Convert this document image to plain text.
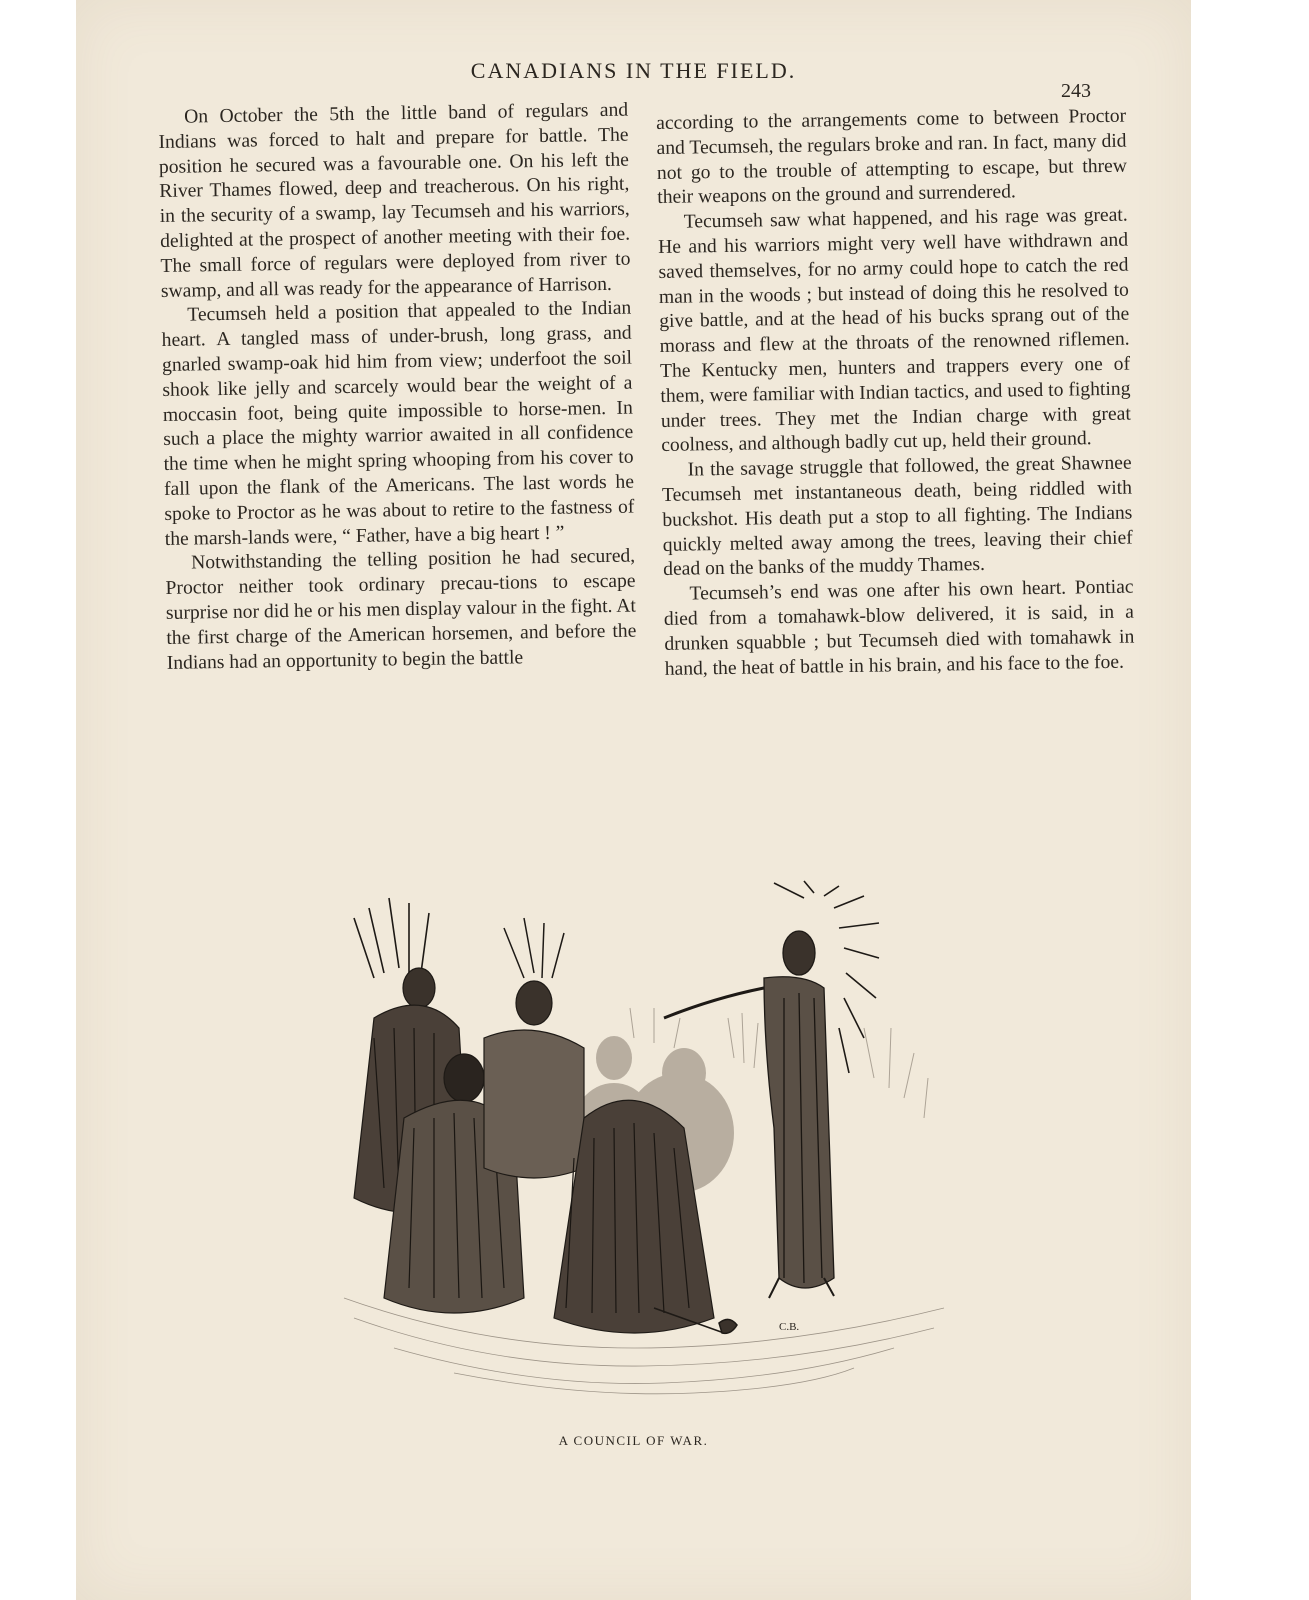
CANADIANS IN THE FIELD.
243

On October the 5th the little band of regulars and Indians was forced to halt and prepare for battle. The position he secured was a favourable one. On his left the River Thames flowed, deep and treacherous. On his right, in the security of a swamp, lay Tecumseh and his warriors, delighted at the prospect of another meeting with their foe. The small force of regulars were deployed from river to swamp, and all was ready for the appearance of Harrison.

Tecumseh held a position that appealed to the Indian heart. A tangled mass of under-brush, long grass, and gnarled swamp-oak hid him from view; underfoot the soil shook like jelly and scarcely would bear the weight of a moccasin foot, being quite impossible to horse-men. In such a place the mighty warrior awaited in all confidence the time when he might spring whooping from his cover to fall upon the flank of the Americans. The last words he spoke to Proctor as he was about to retire to the fastness of the marsh-lands were, “ Father, have a big heart ! ”

Notwithstanding the telling position he had secured, Proctor neither took ordinary precau-tions to escape surprise nor did he or his men display valour in the fight. At the first charge of the American horsemen, and before the Indians had an opportunity to begin the battle

according to the arrangements come to between Proctor and Tecumseh, the regulars broke and ran. In fact, many did not go to the trouble of attempting to escape, but threw their weapons on the ground and surrendered.

Tecumseh saw what happened, and his rage was great. He and his warriors might very well have withdrawn and saved themselves, for no army could hope to catch the red man in the woods ; but instead of doing this he resolved to give battle, and at the head of his bucks sprang out of the morass and flew at the throats of the renowned riflemen. The Kentucky men, hunters and trappers every one of them, were familiar with Indian tactics, and used to fighting under trees. They met the Indian charge with great coolness, and although badly cut up, held their ground.

In the savage struggle that followed, the great Shawnee Tecumseh met instantaneous death, being riddled with buckshot. His death put a stop to all fighting. The Indians quickly melted away among the trees, leaving their chief dead on the banks of the muddy Thames.

Tecumseh’s end was one after his own heart. Pontiac died from a tomahawk-blow delivered, it is said, in a drunken squabble ; but Tecumseh died with tomahawk in hand, the heat of battle in his brain, and his face to the foe.

C.B.
A COUNCIL OF WAR.
